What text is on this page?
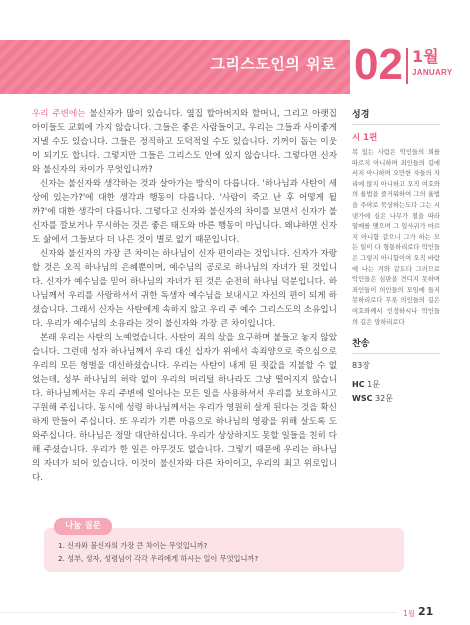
그리스도인의 위로 02 1월
JANUARY

우리 주변에는 불신자가 많이 있습니다. 옆집 할아버지와 할머니, 그리고 아랫집 아이들도 교회에 가지 않습니다. 그들은 좋은 사람들이고, 우리는 그들과 사이좋게 지낼 수도 있습니다. 그들은 정직하고 도덕적일 수도 있습니다. 기꺼이 돕는 이웃이 되기도 합니다. 그렇지만 그들은 그리스도 안에 있지 않습니다. 그렇다면 신자와 불신자의 차이가 무엇입니까?

신자는 불신자와 생각하는 것과 살아가는 방식이 다릅니다. '하나님과 사탄이 세상에 있는가?'에 대한 생각과 행동이 다릅니다. '사람이 죽고 난 후 어떻게 될까?'에 대한 생각이 다릅니다. 그렇다고 신자와 불신자의 차이를 보면서 신자가 불신자를 깔보거나 무시하는 것은 좋은 태도와 바른 행동이 아닙니다. 왜냐하면 신자도 삶에서 그들보다 더 나은 것이 별로 없기 때문입니다.

신자와 불신자의 가장 큰 차이는 하나님이 신자 편이라는 것입니다. 신자가 자랑할 것은 오직 하나님의 은혜뿐이며, 예수님의 공로로 하나님의 자녀가 된 것입니다. 신자가 예수님을 믿어 하나님의 자녀가 된 것은 순전히 하나님 덕분입니다. 하나님께서 우리를 사랑하셔서 귀한 독생자 예수님을 보내시고 자신의 편이 되게 하셨습니다. 그래서 신자는 사탄에게 속하지 않고 우리 주 예수 그리스도의 소유입니다. 우리가 예수님의 소유라는 것이 불신자와 가장 큰 차이입니다.

본래 우리는 사탄의 노예였습니다. 사탄이 죄의 삯을 요구하며 붙들고 놓지 않았습니다. 그런데 성자 하나님께서 우리 대신 십자가 위에서 속죄양으로 죽으심으로 우리의 모든 형벌을 대신하셨습니다. 우리는 사탄이 내게 된 죗값을 지불할 수 없었는데, 성부 하나님의 허락 없이 우리의 머리털 하나라도 그냥 떨어지지 않습니다. 하나님께서는 우리 주변에 일어나는 모든 일을 사용하셔서 우리를 보호하시고 구원해 주십니다. 동시에 성령 하나님께서는 우리가 영원히 살게 된다는 것을 확신하게 만들어 주십니다. 또 우리가 기쁜 마음으로 하나님의 영광을 위해 살도록 도와주십니다. 하나님은 정말 대단하십니다. 우리가 상상하지도 못할 일들을 친히 다 해 주셨습니다. 우리가 한 일은 아무것도 없습니다. 그렇기 때문에 우리는 하나님의 자녀가 되어 있습니다. 이것이 불신자와 다른 차이이고, 우리의 최고 위로입니다.

성경
시 1편
복 있는 사람은 악인들의 꾀를 따르지 아니하며 죄인들의 길에 서지 아니하며 오만한 자들의 자리에 앉지 아니하고 오직 여호와의 율법을 즐거워하여 그의 율법을 주야로 묵상하는도다 그는 시냇가에 심은 나무가 철을 따라 열매를 맺으며 그 잎사귀가 마르지 아니함 같으니 그가 하는 모든 일이 다 형통하리로다 악인들은 그렇지 아니함이여 오직 바람에 나는 겨와 같도다 그러므로 악인들은 심판을 견디지 못하며 죄인들이 의인들의 모임에 들지 못하리로다 무릇 의인들의 길은 여호와께서 인정하시나 악인들의 길은 망하리로다
찬송
83장
HC 1문
WSC 32문
나눔 질문
1. 신자와 불신자의 가장 큰 차이는 무엇입니까?
2. 성부, 성자, 성령님이 각각 우리에게 하시는 일이 무엇입니까?
1월 21
